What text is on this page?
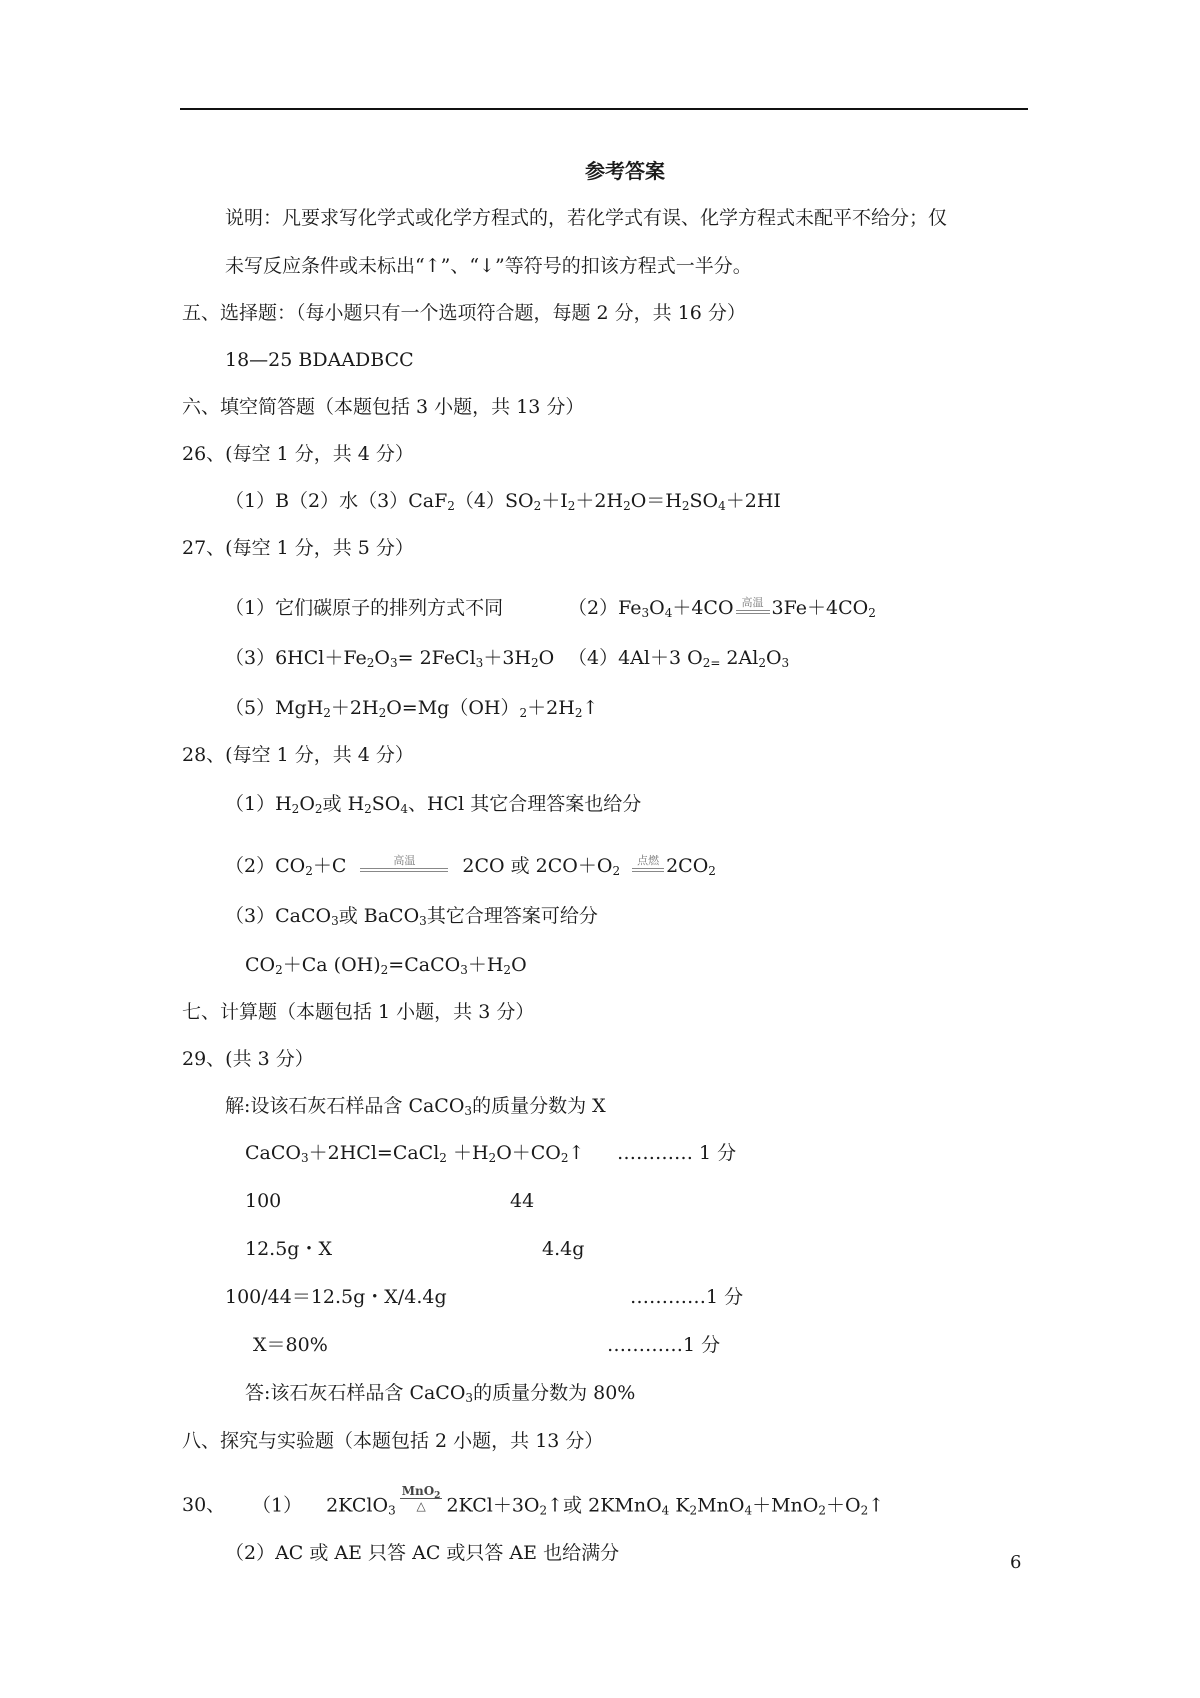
参考答案
说明：凡要求写化学式或化学方程式的，若化学式有误、化学方程式未配平不给分；仅
未写反应条件或未标出“↑”、“↓”等符号的扣该方程式一半分。
五、选择题：（每小题只有一个选项符合题，每题 2 分，共 16 分）
18—25 BDAADBCC
六、填空简答题（本题包括 3 小题，共 13 分）
26、(每空 1 分，共 4 分）
（1）B（2）水$(3)CaF_2(4)SO_2+I_2+2H_2O=H_2SO_4+2HI$
27、(每空 1 分，共 5 分）
（1）它们碳原子的排列方式不同	$(2)Fe_3O_4+4CO$ 高温 $3Fe+4CO_2$
$(3)6HCl+Fe_2O_3=$ $2FeCl_3+3H_2O$ （4）4Al＋3 $O_{2=}$ $2Al_2O_3$
$(5)MgH_2+2H_2O=Mg(OH)_2+2H_2↑$
28、(每空 1 分，共 4 分）
$(1)H_2O_2$或 $H_2SO_4$、HCl 其它合理答案也给分
$(2)CO_2+C$	高温	2CO 或 $2CO+O_2$
点燃 $2CO_2$
（3）CaCO$_3$或 BaCO$_3$其它合理答案可给分
$CO_2+Ca$ $(OH)_2=CaCO_3+H_2O$
七、计算题（本题包括 1 小题，共 3 分）
29、(共 3 分）
解:设该石灰石样品含 CaCO$_3$的质量分数为 X
CaCO$_3$＋2HCl=CaCl$_2$ $+H_2O+CO_2↑$ ………… 1 分
100	44
12.5g・X	4.4g
100/44＝12.5g・X/4.4g	…………1 分
X＝80%	…………1 分
答:该石灰石样品含 CaCO$_3$的质量分数为 80%
八、探究与实验题（本题包括 2 小题，共 13 分）
30、 （1） 2KClO$_3$ $\frac{MnO_2}{\triangle}$ $2KCl+3O_2↑$或 2KMnO$_4$ $K_2MnO_4+MnO_2+O_2↑$
（2）AC 或 AE 只答 AC 或只答 AE 也给满分	6
